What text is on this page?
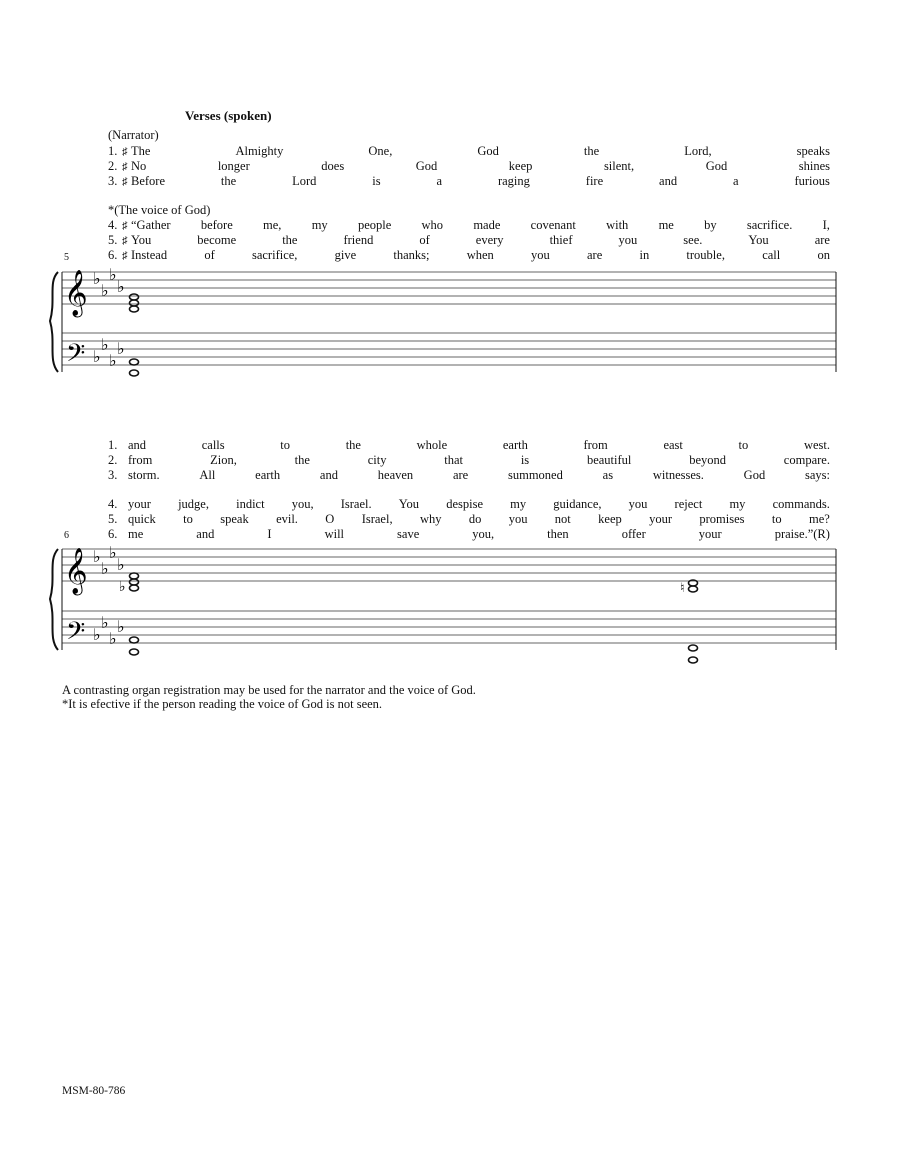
Verses (spoken)
(Narrator)
1. ♯ The	Almighty	One,	God	the	Lord,	speaks
2. ♯ No	longer	does	God	keep	silent,	God	shines
3. ♯ Before	the	Lord	is	a	raging	fire	and	a	furious
*(The voice of God)
4. ♯ “Gather before me, my people who made covenant with me by sacrifice. I,
5. ♯ You	become	the	friend	of	every	thief	you	see.	You	are
6. ♯ Instead	of	sacrifice,	give	thanks;	when	you	are	in	trouble,	call	on
5
1. and	calls	to	the	whole	earth	from	east	to	west.
2. from	Zion,	the	city	that	is	beautiful	beyond	compare.
3. storm.	All	earth	and	heaven	are	summoned	as	witnesses.	God	says:
4. your judge, indict you, Israel. You despise my guidance, you reject my commands.
5. quick to speak evil. O Israel, why do you not keep your promises to me?
6. me	and	I	will	save	you,	then	offer	your	praise.”(R)
6
𝄞
𝄢
♭
♭
♭
♭
♭
♭
♭
♭
𝄞
𝄢
♭
♭
♭
♭
♭
♭
♭
♭
♭	♮
A contrasting organ registration may be used for the narrator and the voice of God.
*It is efective if the person reading the voice of God is not seen.
MSM-80-786
